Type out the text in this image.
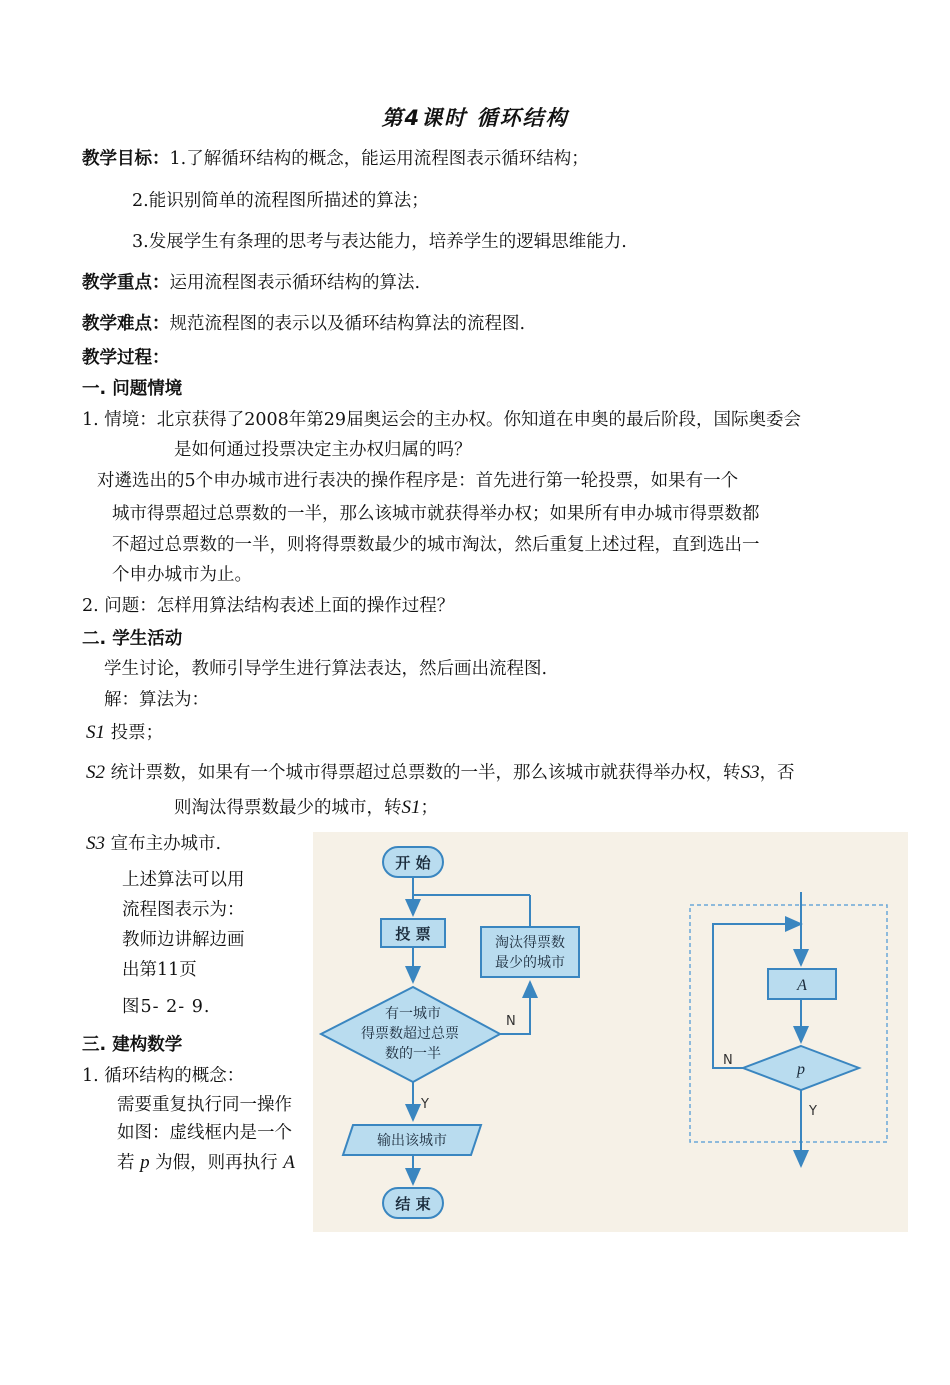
第4课时 循环结构
教学目标：1.了解循环结构的概念，能运用流程图表示循环结构；
2.能识别简单的流程图所描述的算法；
3.发展学生有条理的思考与表达能力，培养学生的逻辑思维能力.
教学重点：运用流程图表示循环结构的算法.
教学难点：规范流程图的表示以及循环结构算法的流程图.
教学过程：
一. 问题情境
1. 情境：北京获得了2008年第29届奥运会的主办权。你知道在申奥的最后阶段，国际奥委会
是如何通过投票决定主办权归属的吗？
对遴选出的5个申办城市进行表决的操作程序是：首先进行第一轮投票，如果有一个
城市得票超过总票数的一半，那么该城市就获得举办权；如果所有申办城市得票数都
不超过总票数的一半，则将得票数最少的城市淘汰，然后重复上述过程，直到选出一
个申办城市为止。
2. 问题：怎样用算法结构表述上面的操作过程？
二. 学生活动
学生讨论，教师引导学生进行算法表达，然后画出流程图.
解：算法为：
S1 投票；
S2 统计票数，如果有一个城市得票超过总票数的一半，那么该城市就获得举办权，转S3，否
则淘汰得票数最少的城市，转S1；
S3 宣布主办城市.
上述算法可以用
流程图表示为：
教师边讲解边画
出第11页
图5- 2- 9.
三. 建构数学
1. 循环结构的概念：
需要重复执行同一操作
如图：虚线框内是一个
若 p 为假，则再执行 A
开 始
投 票	淘汰得票数
最少的城市
有一城市
得票数超过总票
数的一半
N
Y
输出该城市
结 束
A
p
N
Y
